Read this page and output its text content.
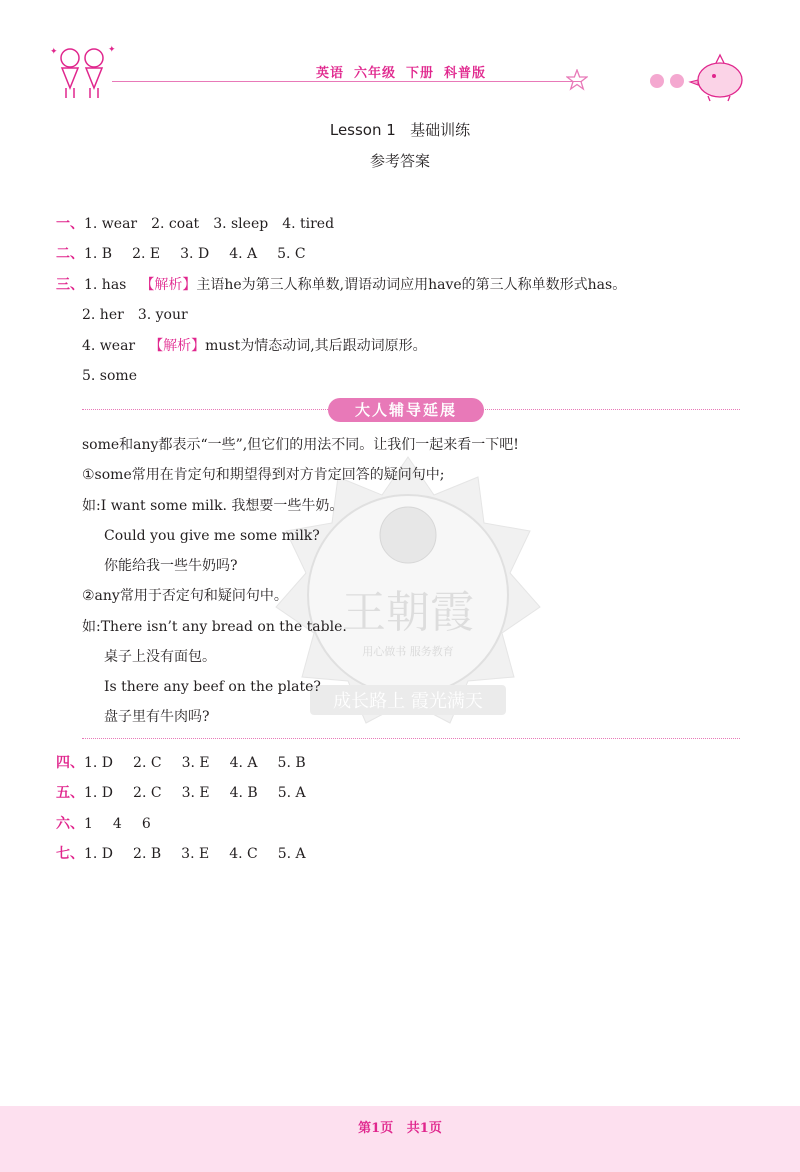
✦	✦
英语 六年级 下册 科普版
Lesson 1 基础训练
参考答案
一、1. wear 2. coat 3. sleep 4. tired
二、1. B 2. E 3. D 4. A 5. C
三、1. has 【解析】主语he为第三人称单数,谓语动词应用have的第三人称单数形式has。
2. her 3. your
4. wear 【解析】must为情态动词,其后跟动词原形。
5. some
大人辅导延展
王朝霞
用心做书 服务教育
成长路上 霞光满天
some和any都表示“一些”,但它们的用法不同。让我们一起来看一下吧!
①some常用在肯定句和期望得到对方肯定回答的疑问句中;
如:I want some milk. 我想要一些牛奶。
Could you give me some milk?
你能给我一些牛奶吗?
②any常用于否定句和疑问句中。
如:There isn’t any bread on the table.
桌子上没有面包。
Is there any beef on the plate?
盘子里有牛肉吗?
四、1. D 2. C 3. E 4. A 5. B
五、1. D 2. C 3. E 4. B 5. A
六、1 4 6
七、1. D 2. B 3. E 4. C 5. A
第1页 共1页
